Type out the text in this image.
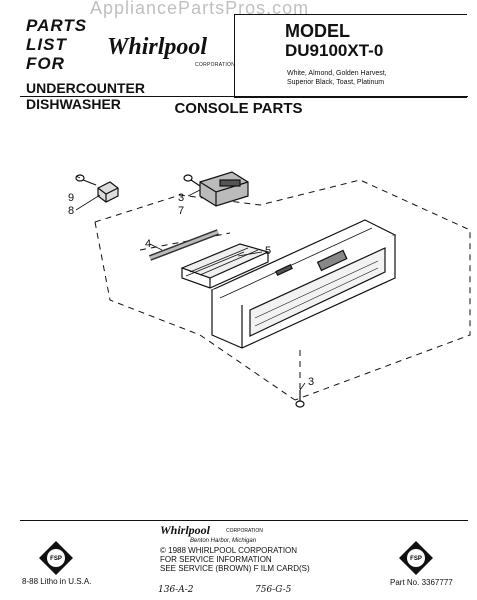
AppliancePartsPros.com
PARTS
LIST
FOR
Whirlpool
CORPORATION
UNDERCOUNTER DISHWASHER
MODEL
DU9100XT-0
White, Almond, Golden Harvest,
Superior Black, Toast, Platinum
CONSOLE PARTS
9
8
3
7
4
5
3
FSP	FSP
Whirlpool	CORPORATION
Benton Harbor, Michigan
© 1988 WHIRLPOOL CORPORATION
FOR SERVICE INFORMATION
SEE SERVICE (BROWN) F ILM CARD(S)
8-88 Litho in U.S.A.	Part No. 3367777
136-A-2	756-G-5
